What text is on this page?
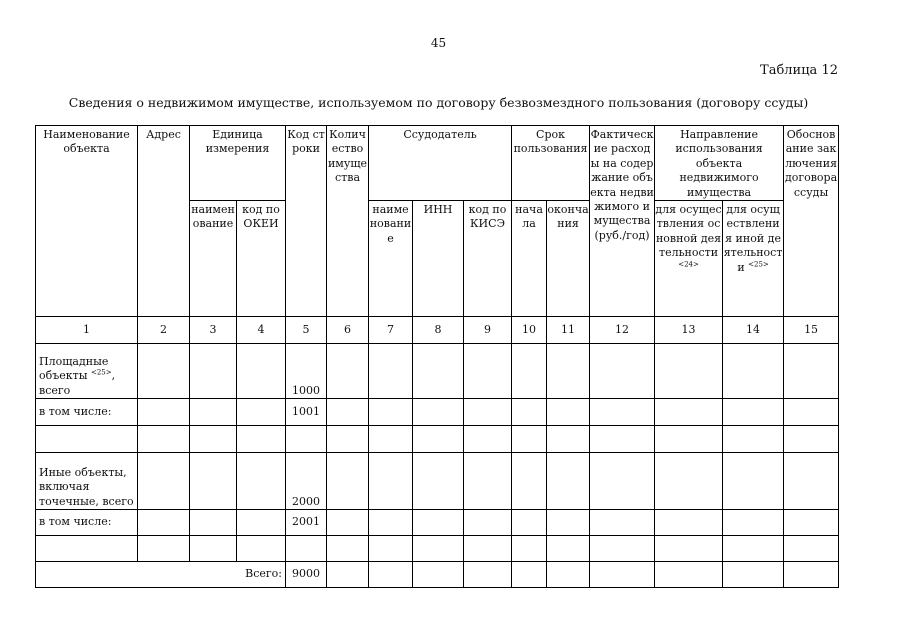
45
Таблица 12
Сведения о недвижимом имуществе, используемом по договору безвозмездного пользования (договору ссуды)
Наименование объекта	Адрес	Единица измерения		Код строки	Количество имущества	Ссудодатель			Срок пользования		Фактические расходы на содержание объекта недвижимого имущества (руб./год)	Направление использования объекта недвижимого имущества		Обоснование заключения договора ссуды
		наименование	код по ОКЕИ			наименование	ИНН	код по КИСЭ	начала	окончания		для осуществления основной деятельности $^{<24>}$	для осуществления иной деятельности $^{<25>}$
1	2	3	4	5	6	7	8	9	10	11	12	13	14	15
Площадные объекты $^{<25>}$, всего				1000										
в том числе:				1001										

Иные объекты, включая точечные, всего				2000										
в том числе:				2001										

Всего:				9000										
